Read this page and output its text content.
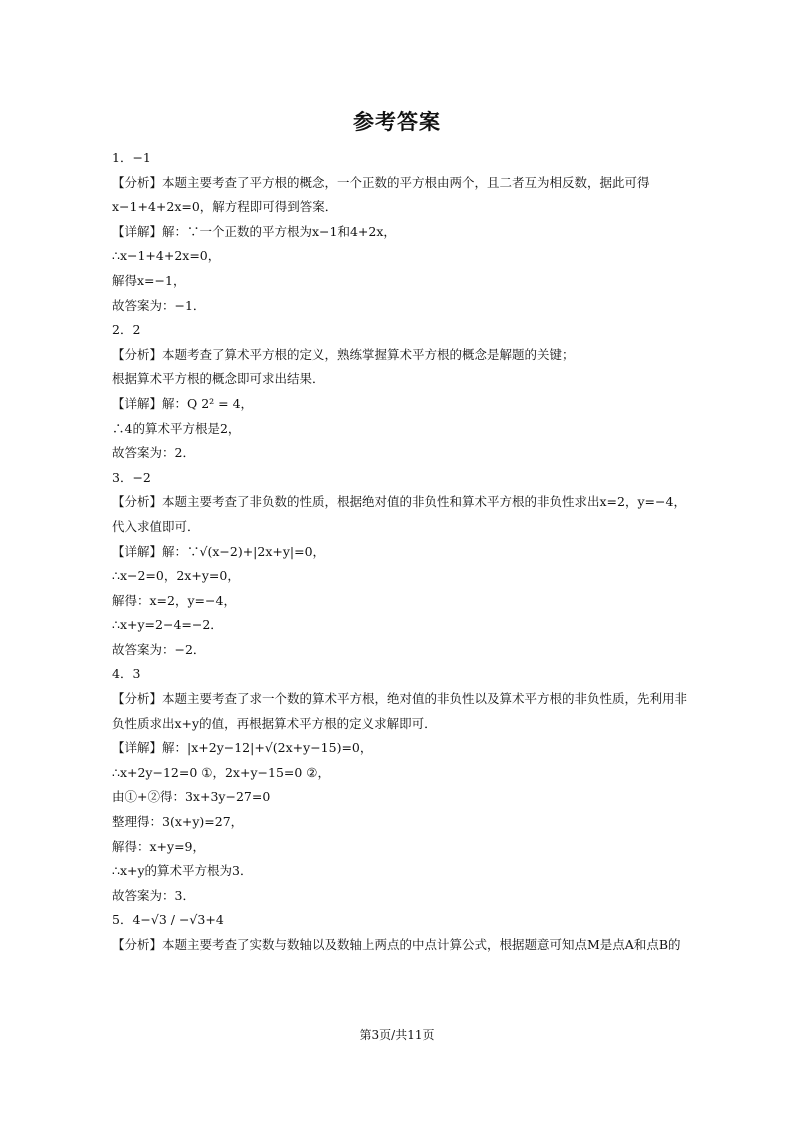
参考答案
1．−1
【分析】本题主要考查了平方根的概念，一个正数的平方根由两个，且二者互为相反数，据此可得
x−1+4+2x=0，解方程即可得到答案．
【详解】解：∵一个正数的平方根为x−1和4+2x，
∴x−1+4+2x=0，
解得x=−1，
故答案为：−1．
2．2
【分析】本题考查了算术平方根的定义，熟练掌握算术平方根的概念是解题的关键；
根据算术平方根的概念即可求出结果．
【详解】解：Q 2² = 4，
∴4的算术平方根是2，
故答案为：2．
3．−2
【分析】本题主要考查了非负数的性质，根据绝对值的非负性和算术平方根的非负性求出x=2，y=−4，
代入求值即可．
【详解】解：∵√(x−2)+|2x+y|=0，
∴x−2=0，2x+y=0，
解得：x=2，y=−4，
∴x+y=2−4=−2．
故答案为：−2．
4．3
【分析】本题主要考查了求一个数的算术平方根，绝对值的非负性以及算术平方根的非负性质，先利用非
负性质求出x+y的值，再根据算术平方根的定义求解即可．
【详解】解：|x+2y−12|+√(2x+y−15)=0，
∴x+2y−12=0 ①，2x+y−15=0 ②，
由①+②得：3x+3y−27=0
整理得：3(x+y)=27，
解得：x+y=9，
∴x+y的算术平方根为3．
故答案为：3．
5．4−√3 / −√3+4
【分析】本题主要考查了实数与数轴以及数轴上两点的中点计算公式，根据题意可知点M是点A和点B的
第3页/共11页
